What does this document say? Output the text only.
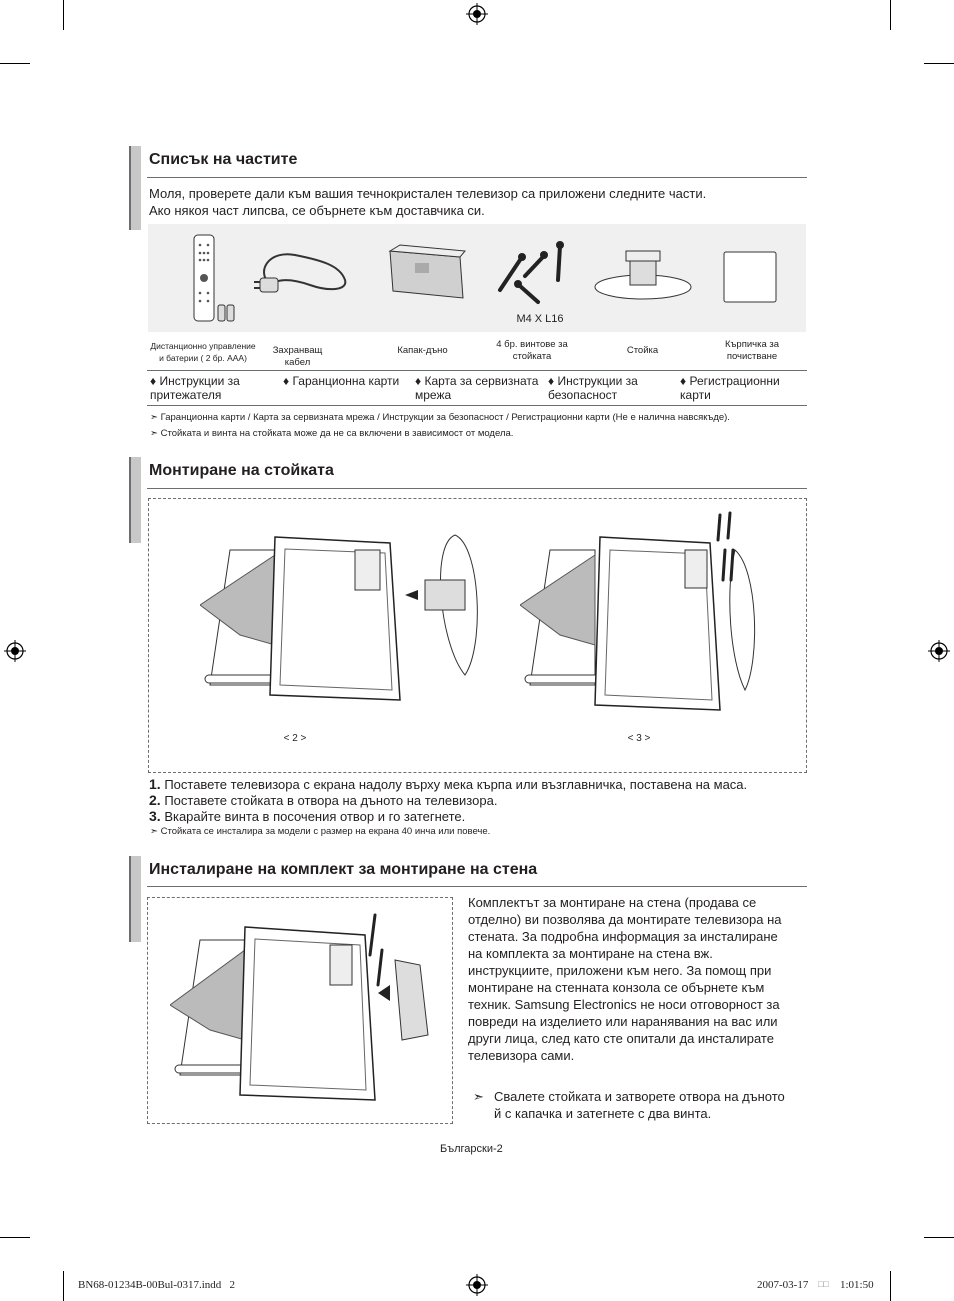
Списък на частите
Моля, проверете дали към вашия течнокристален телевизор са приложени следните части.
Ако някоя част липсва, се обърнете към доставчика си.
M4 X L16
Дистанционно управление и батерии ( 2 бр. AAA)
Захранващ кабел
Капак-дъно
4 бр. винтове за стойката
Стойка
Кърпичка за почистване
♦ Инструкции за притежателя
♦ Гаранционна карти	♦ Карта за сервизната мрежа
♦ Инструкции за безопасност
♦ Регистрационни карти
➣ Гаранционна карти / Карта за сервизната мрежа / Инструкции за безопасност / Регистрационни карти (Не е налична навсякъде).
➣ Стойката и винта на стойката може да не са включени в зависимост от модела.
Монтиране на стойката
< 2 >	< 3 >
1. Поставете телевизора с екрана надолу върху мека кърпа или възглавничка, поставена на маса.
2. Поставете стойката в отвора на дъното на телевизора.
3. Вкарайте винта в посочения отвор и го затегнете.
➣ Стойката се инсталира за модели с размер на екрана 40 инча или повече.
Инсталиране на комплект за монтиране на стена
Комплектът за монтиране на стена (продава се
отделно) ви позволява да монтирате телевизора на
стената. За подробна информация за инсталиране
на комплекта за монтиране на стена вж.
инструкциите, приложени към него. За помощ при
монтиране на стенната конзола се обърнете към
техник. Samsung Electronics не носи отговорност за
повреди на изделието или наранявания на вас или
други лица, след като сте опитали да инсталирате
телевизора сами.
➣ Свалете стойката и затворете отвора на дъното
й с капачка и затегнете с два винта.
Български-2
BN68-01234B-00Bul-0317.indd   2	2007-03-17 □□ 1:01:50
